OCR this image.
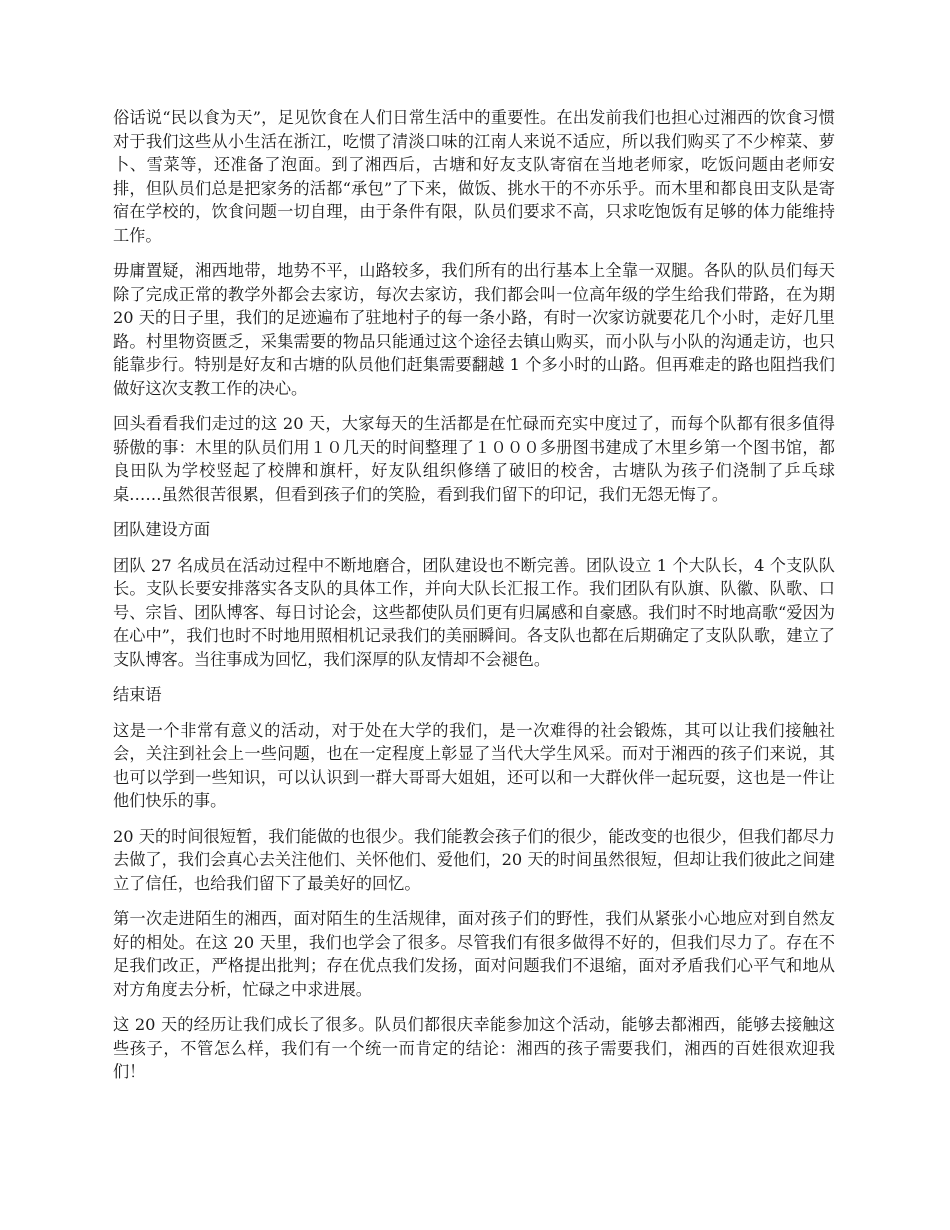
俗话说“民以食为天”，足见饮食在人们日常生活中的重要性。在出发前我们也担心过湘西的饮食习惯对于我们这些从小生活在浙江，吃惯了清淡口味的江南人来说不适应，所以我们购买了不少榨菜、萝卜、雪菜等，还准备了泡面。到了湘西后，古塘和好友支队寄宿在当地老师家，吃饭问题由老师安排，但队员们总是把家务的活都“承包”了下来，做饭、挑水干的不亦乐乎。而木里和都良田支队是寄宿在学校的，饮食问题一切自理，由于条件有限，队员们要求不高，只求吃饱饭有足够的体力能维持工作。

毋庸置疑，湘西地带，地势不平，山路较多，我们所有的出行基本上全靠一双腿。各队的队员们每天除了完成正常的教学外都会去家访，每次去家访，我们都会叫一位高年级的学生给我们带路，在为期 20 天的日子里，我们的足迹遍布了驻地村子的每一条小路，有时一次家访就要花几个小时，走好几里路。村里物资匮乏，采集需要的物品只能通过这个途径去镇山购买，而小队与小队的沟通走访，也只能靠步行。特别是好友和古塘的队员他们赶集需要翻越 1 个多小时的山路。但再难走的路也阻挡我们做好这次支教工作的决心。

回头看看我们走过的这 20 天，大家每天的生活都是在忙碌而充实中度过了，而每个队都有很多值得骄傲的事：木里的队员们用１０几天的时间整理了１０００多册图书建成了木里乡第一个图书馆，都良田队为学校竖起了校牌和旗杆，好友队组织修缮了破旧的校舍，古塘队为孩子们浇制了乒乓球桌……虽然很苦很累，但看到孩子们的笑脸，看到我们留下的印记，我们无怨无悔了。

团队建设方面

团队 27 名成员在活动过程中不断地磨合，团队建设也不断完善。团队设立 1 个大队长，4 个支队队长。支队长要安排落实各支队的具体工作，并向大队长汇报工作。我们团队有队旗、队徽、队歌、口号、宗旨、团队博客、每日讨论会，这些都使队员们更有归属感和自豪感。我们时不时地高歌“爱因为在心中”，我们也时不时地用照相机记录我们的美丽瞬间。各支队也都在后期确定了支队队歌，建立了支队博客。当往事成为回忆，我们深厚的队友情却不会褪色。

结束语

这是一个非常有意义的活动，对于处在大学的我们，是一次难得的社会锻炼，其可以让我们接触社会，关注到社会上一些问题，也在一定程度上彰显了当代大学生风采。而对于湘西的孩子们来说，其也可以学到一些知识，可以认识到一群大哥哥大姐姐，还可以和一大群伙伴一起玩耍，这也是一件让他们快乐的事。

20 天的时间很短暂，我们能做的也很少。我们能教会孩子们的很少，能改变的也很少，但我们都尽力去做了，我们会真心去关注他们、关怀他们、爱他们，20 天的时间虽然很短，但却让我们彼此之间建立了信任，也给我们留下了最美好的回忆。

第一次走进陌生的湘西，面对陌生的生活规律，面对孩子们的野性，我们从紧张小心地应对到自然友好的相处。在这 20 天里，我们也学会了很多。尽管我们有很多做得不好的，但我们尽力了。存在不足我们改正，严格提出批判；存在优点我们发扬，面对问题我们不退缩，面对矛盾我们心平气和地从对方角度去分析，忙碌之中求进展。

这 20 天的经历让我们成长了很多。队员们都很庆幸能参加这个活动，能够去都湘西，能够去接触这些孩子，不管怎么样，我们有一个统一而肯定的结论：湘西的孩子需要我们，湘西的百姓很欢迎我们！
